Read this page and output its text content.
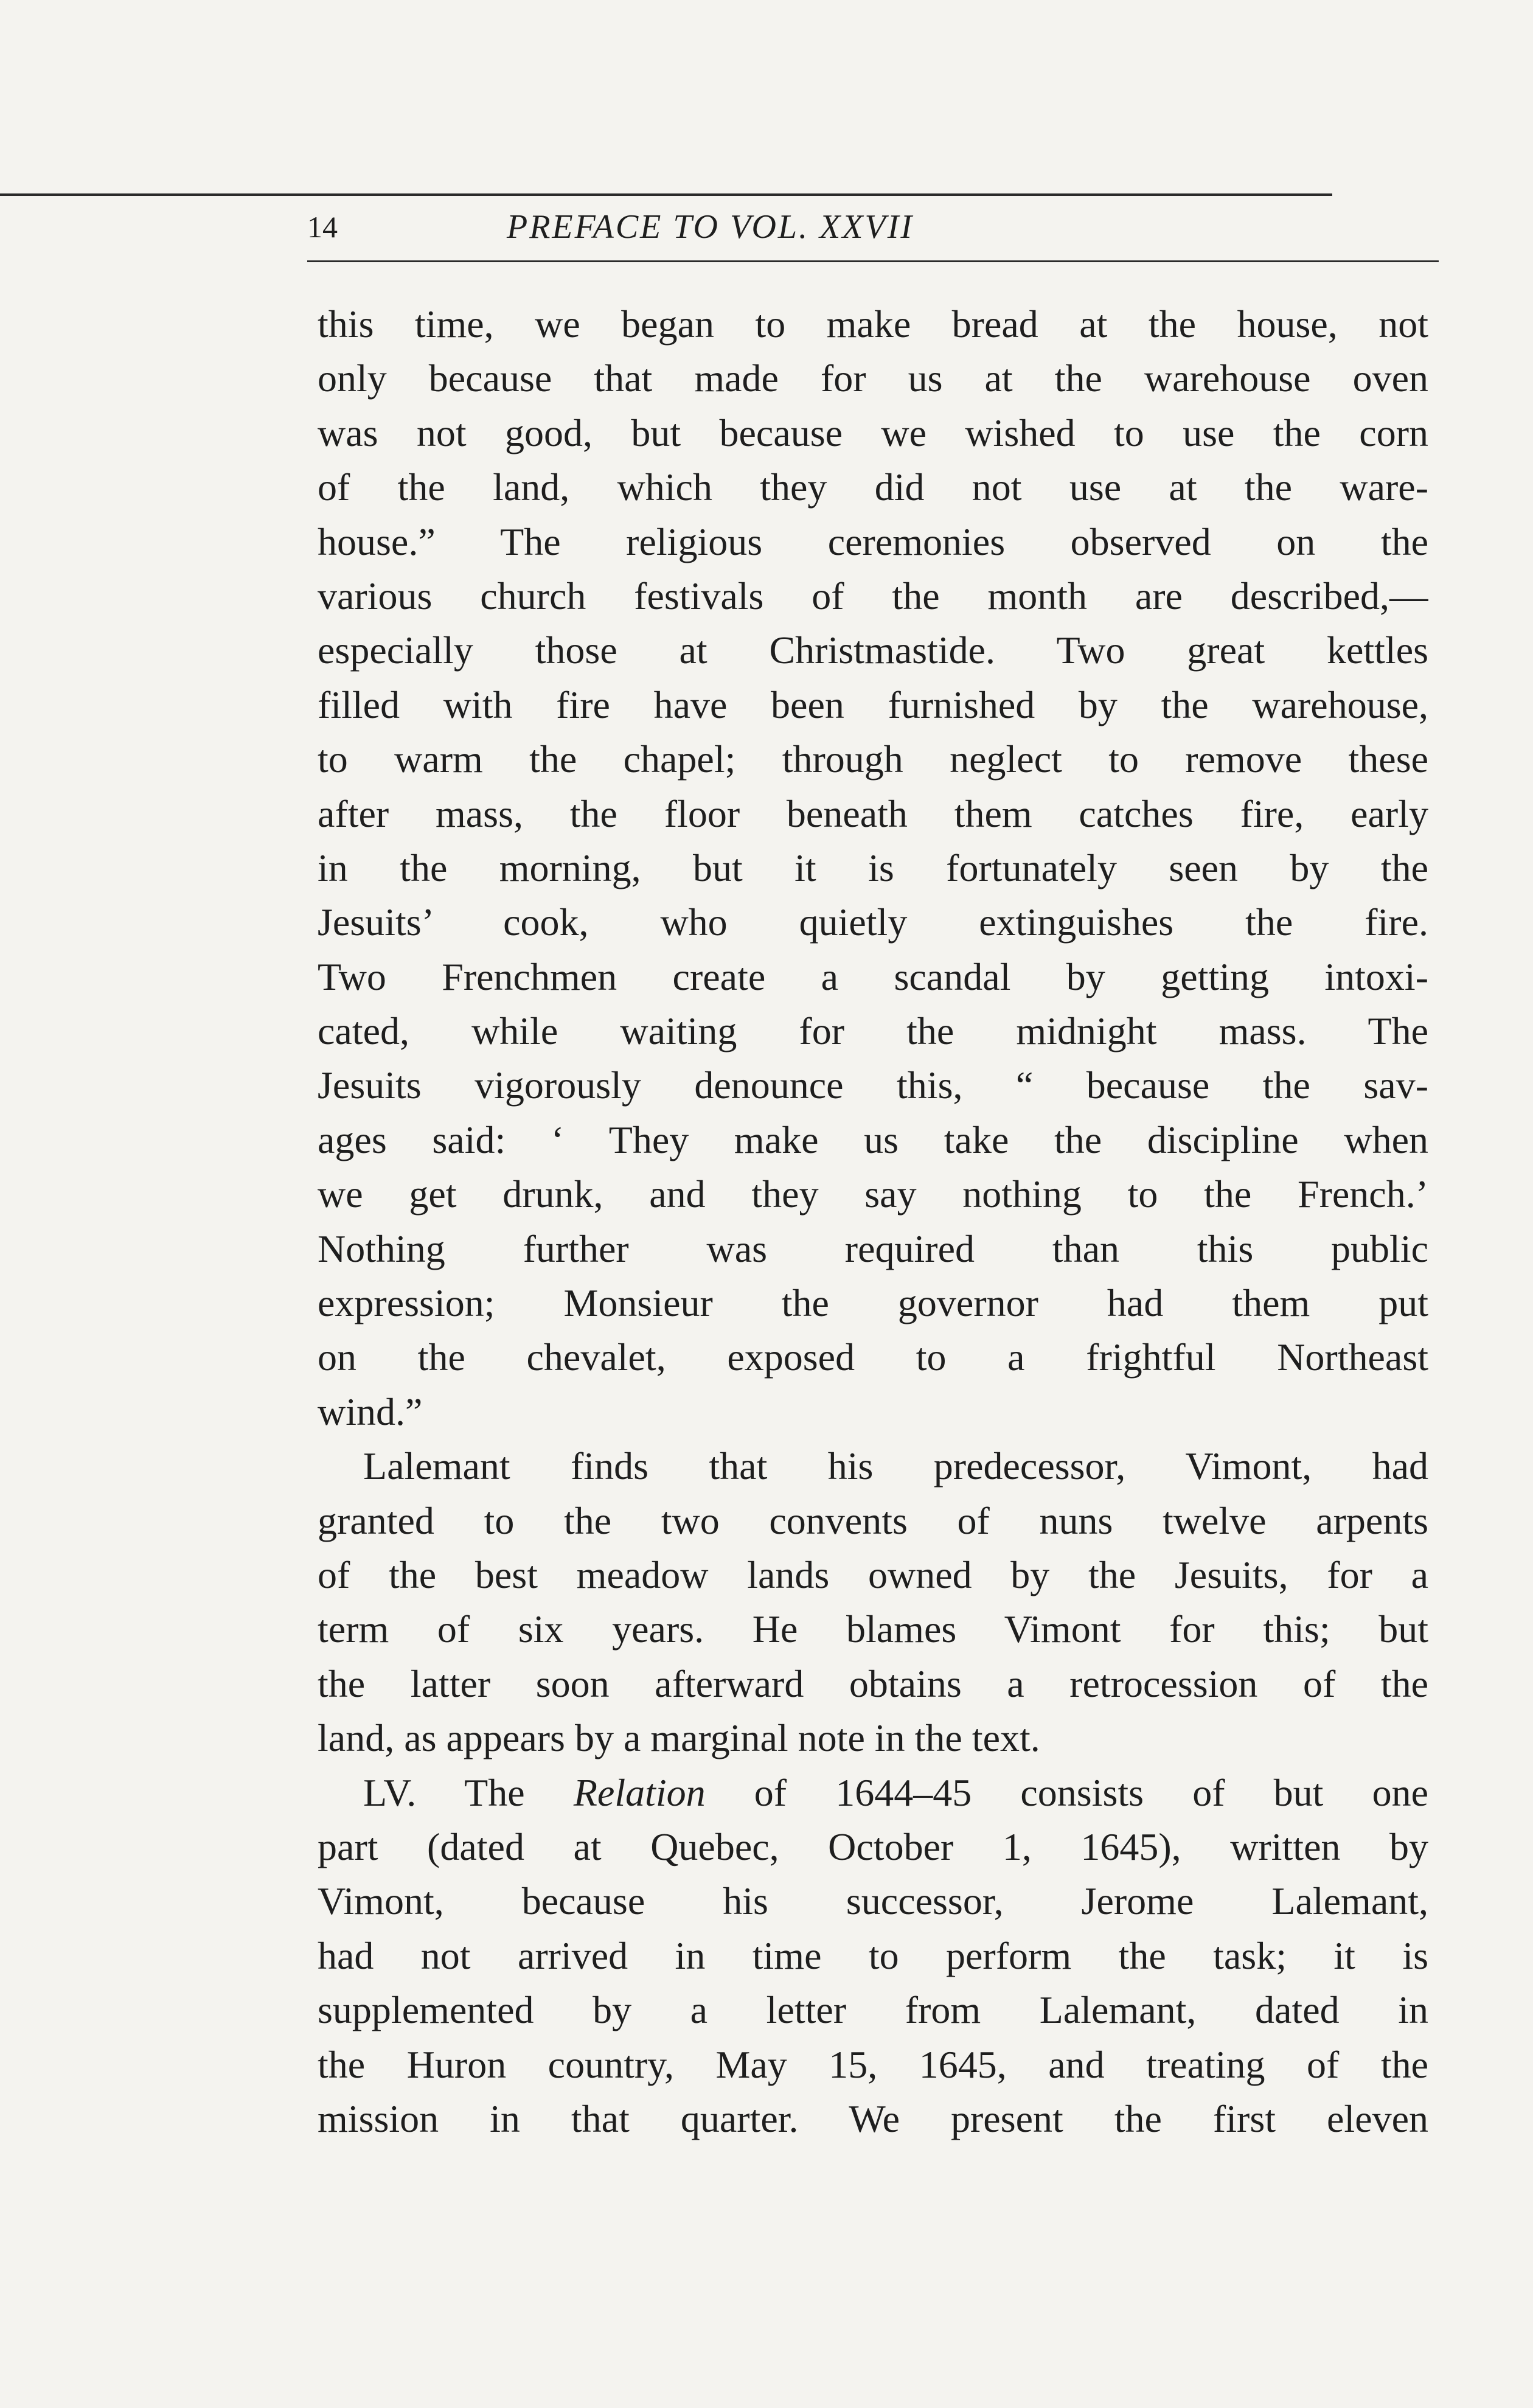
14	PREFACE TO VOL. XXVII
this time, we began to make bread at the house, not
only because that made for us at the warehouse oven
was not good, but because we wished to use the corn
of the land, which they did not use at the ware-
house.” The religious ceremonies observed on the
various church festivals of the month are described,—
especially those at Christmastide. Two great kettles
filled with fire have been furnished by the warehouse,
to warm the chapel; through neglect to remove these
after mass, the floor beneath them catches fire, early
in the morning, but it is fortunately seen by the
Jesuits’ cook, who quietly extinguishes the fire.
Two Frenchmen create a scandal by getting intoxi-
cated, while waiting for the midnight mass. The
Jesuits vigorously denounce this, “ because the sav-
ages said: ‘ They make us take the discipline when
we get drunk, and they say nothing to the French.’
Nothing further was required than this public
expression; Monsieur the governor had them put
on the chevalet, exposed to a frightful Northeast
wind.”
Lalemant finds that his predecessor, Vimont, had
granted to the two convents of nuns twelve arpents
of the best meadow lands owned by the Jesuits, for a
term of six years. He blames Vimont for this; but
the latter soon afterward obtains a retrocession of the
land, as appears by a marginal note in the text.
LV. The Relation of 1644–45 consists of but one
part (dated at Quebec, October 1, 1645), written by
Vimont, because his successor, Jerome Lalemant,
had not arrived in time to perform the task; it is
supplemented by a letter from Lalemant, dated in
the Huron country, May 15, 1645, and treating of the
mission in that quarter. We present the first eleven
